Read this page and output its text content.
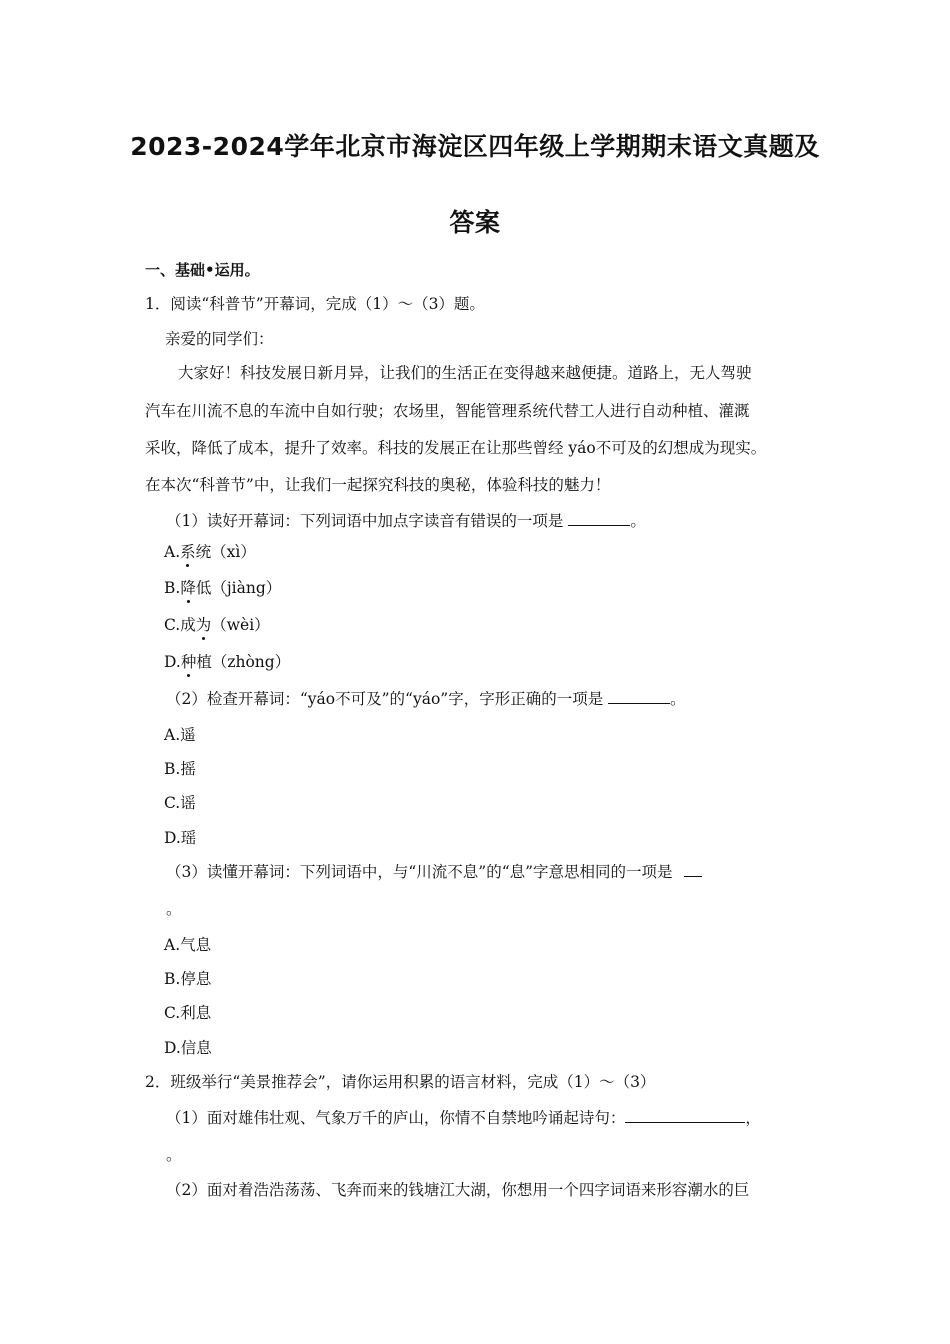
2023-2024学年北京市海淀区四年级上学期期末语文真题及
答案
一、基础•运用。
1．阅读“科普节”开幕词，完成（1）～（3）题。
亲爱的同学们：
大家好！科技发展日新月异，让我们的生活正在变得越来越便捷。道路上，无人驾驶
汽车在川流不息的车流中自如行驶；农场里，智能管理系统代替工人进行自动种植、灌溉
采收，降低了成本，提升了效率。科技的发展正在让那些曾经 yáo不可及的幻想成为现实。
在本次“科普节”中，让我们一起探究科技的奥秘，体验科技的魅力！
（1）读好开幕词：下列词语中加点字读音有错误的一项是	。
A.系统（xì）
B.降低（jiàng）
C.成为（wèi）
D.种植（zhòng）
（2）检查开幕词：“yáo不可及”的“yáo”字，字形正确的一项是	。
A.遥
B.摇
C.谣
D.瑶
（3）读懂开幕词：下列词语中，与“川流不息”的“息”字意思相同的一项是
。
A.气息
B.停息
C.利息
D.信息
2．班级举行“美景推荐会”，请你运用积累的语言材料，完成（1）～（3）
（1）面对雄伟壮观、气象万千的庐山，你情不自禁地吟诵起诗句：	，
。
（2）面对着浩浩荡荡、飞奔而来的钱塘江大湖，你想用一个四字词语来形容潮水的巨
